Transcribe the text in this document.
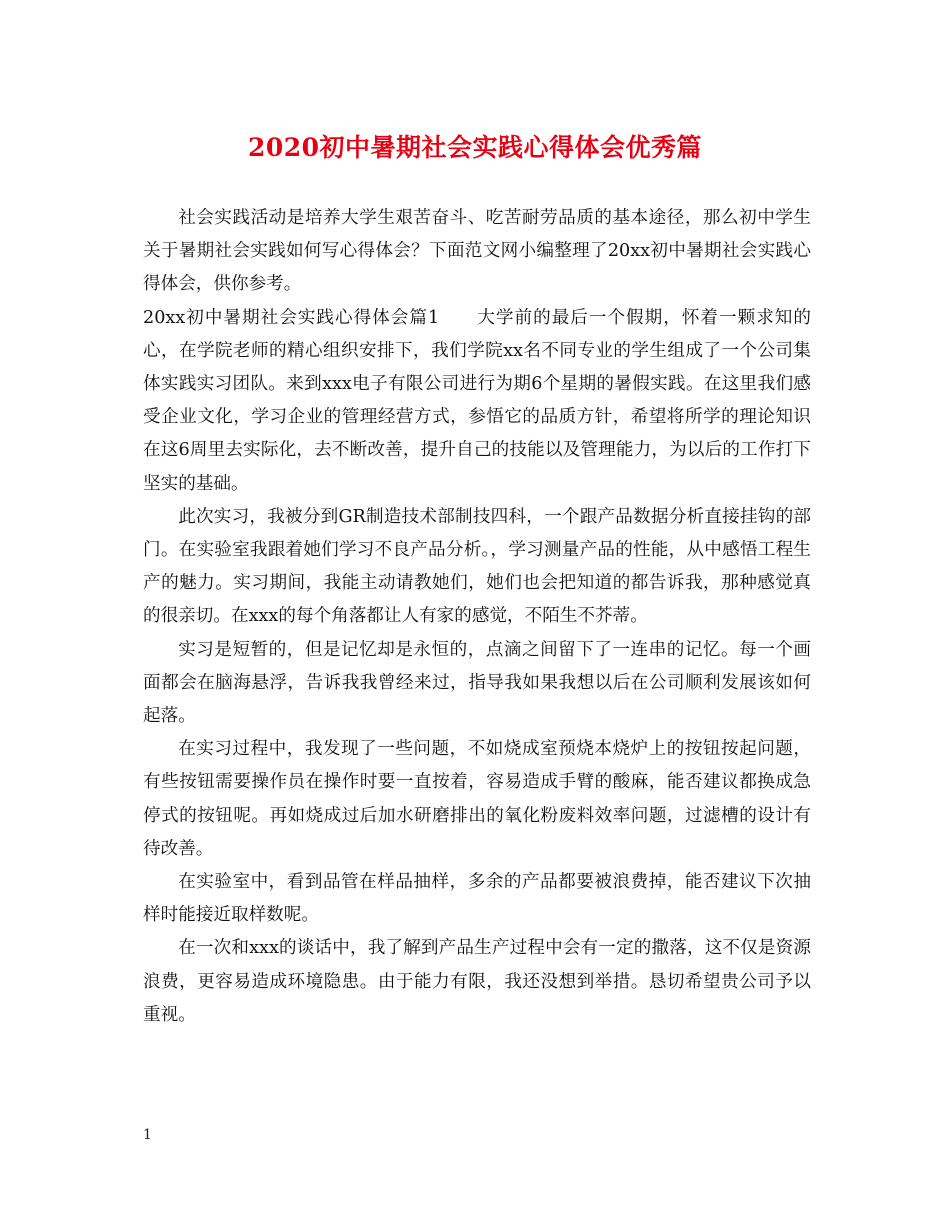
2020初中暑期社会实践心得体会优秀篇

社会实践活动是培养大学生艰苦奋斗、吃苦耐劳品质的基本途径，那么初中学生关于暑期社会实践如何写心得体会？下面范文网小编整理了20xx初中暑期社会实践心得体会，供你参考。

20xx初中暑期社会实践心得体会篇1　　大学前的最后一个假期，怀着一颗求知的心，在学院老师的精心组织安排下，我们学院xx名不同专业的学生组成了一个公司集体实践实习团队。来到xxx电子有限公司进行为期6个星期的暑假实践。在这里我们感受企业文化，学习企业的管理经营方式，参悟它的品质方针，希望将所学的理论知识在这6周里去实际化，去不断改善，提升自己的技能以及管理能力，为以后的工作打下坚实的基础。

此次实习，我被分到GR制造技术部制技四科，一个跟产品数据分析直接挂钩的部门。在实验室我跟着她们学习不良产品分析。，学习测量产品的性能，从中感悟工程生产的魅力。实习期间，我能主动请教她们，她们也会把知道的都告诉我，那种感觉真的很亲切。在xxx的每个角落都让人有家的感觉，不陌生不芥蒂。

实习是短暂的，但是记忆却是永恒的，点滴之间留下了一连串的记忆。每一个画面都会在脑海悬浮，告诉我我曾经来过，指导我如果我想以后在公司顺利发展该如何起落。

在实习过程中，我发现了一些问题，不如烧成室预烧本烧炉上的按钮按起问题，有些按钮需要操作员在操作时要一直按着，容易造成手臂的酸麻，能否建议都换成急停式的按钮呢。再如烧成过后加水研磨排出的氧化粉废料效率问题，过滤槽的设计有待改善。

在实验室中，看到品管在样品抽样，多余的产品都要被浪费掉，能否建议下次抽样时能接近取样数呢。

在一次和xxx的谈话中，我了解到产品生产过程中会有一定的撒落，这不仅是资源浪费，更容易造成环境隐患。由于能力有限，我还没想到举措。恳切希望贵公司予以重视。

1
